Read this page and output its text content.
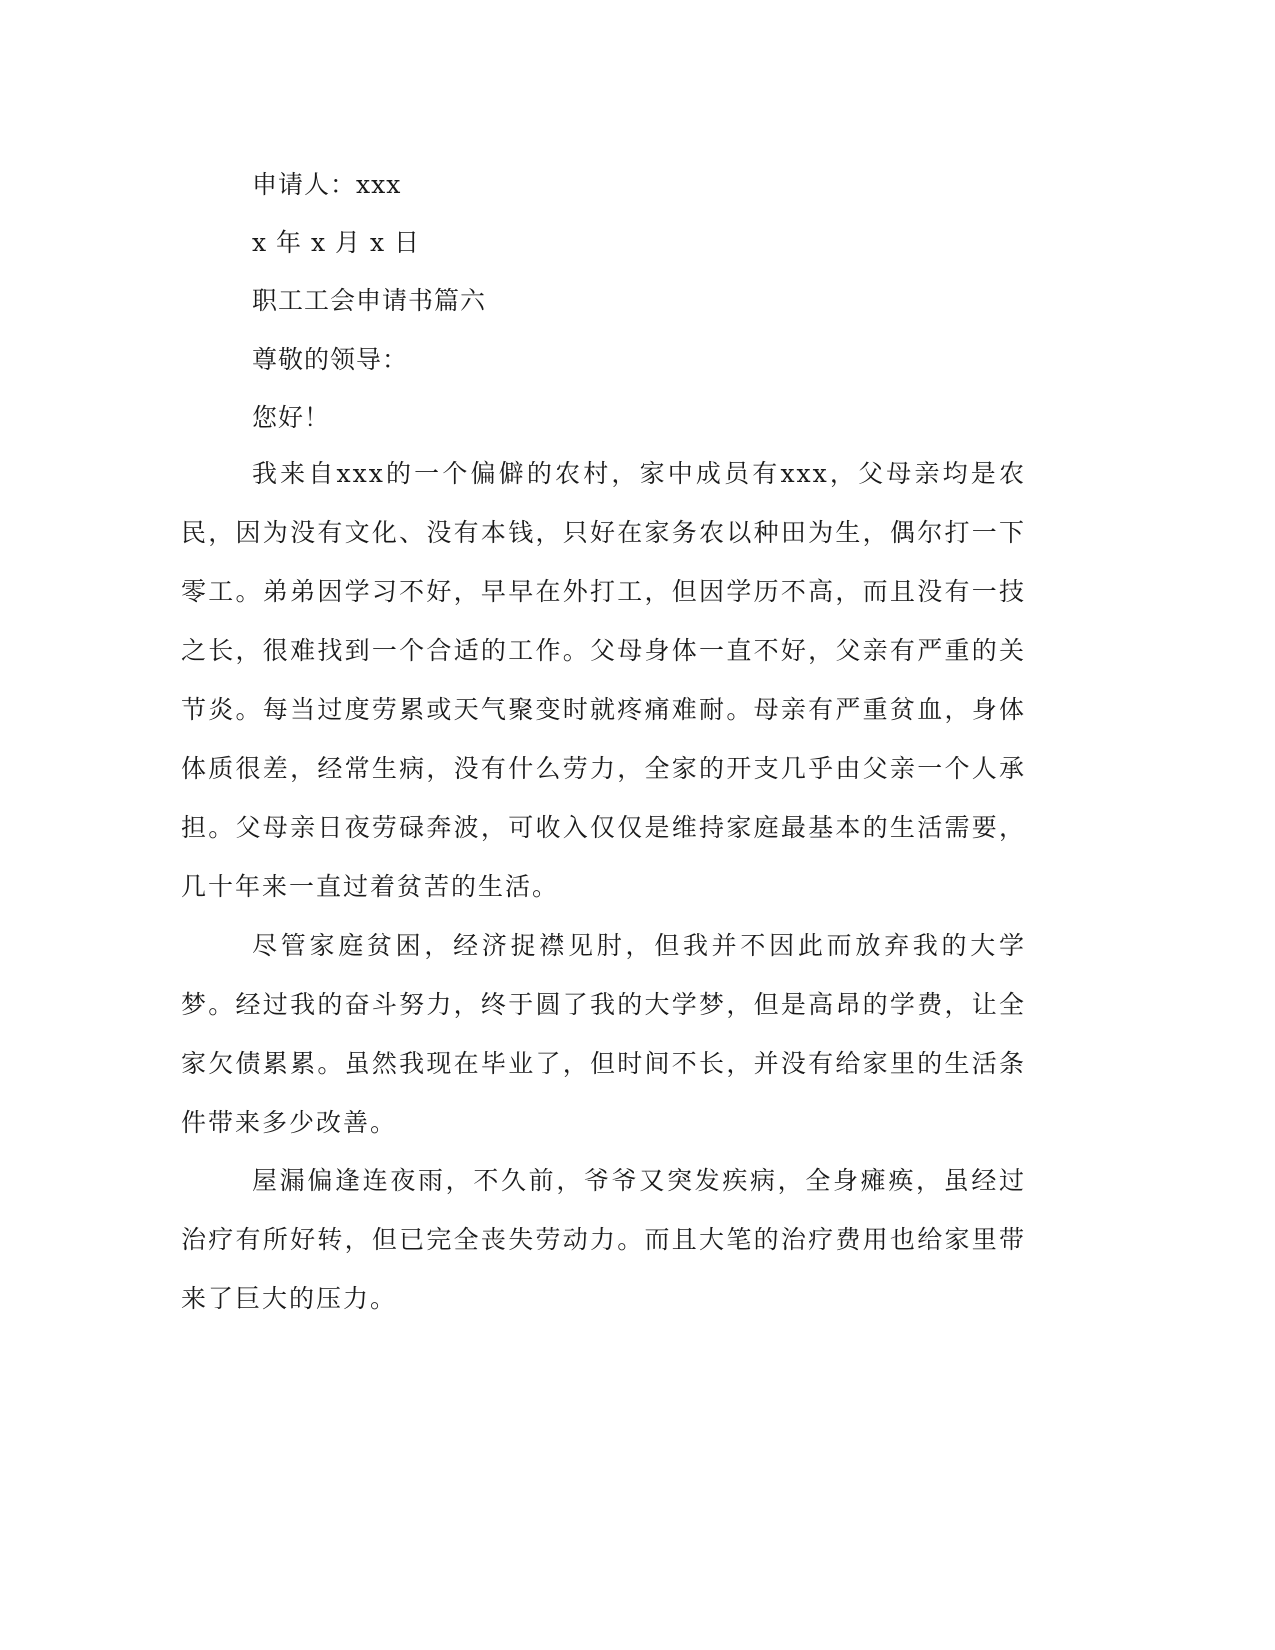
申请人：xxx
x 年 x 月 x 日
职工工会申请书篇六
尊敬的领导：
您好！

我来自xxx的一个偏僻的农村，家中成员有xxx，父母亲均是农民，因为没有文化、没有本钱，只好在家务农以种田为生，偶尔打一下零工。弟弟因学习不好，早早在外打工，但因学历不高，而且没有一技之长，很难找到一个合适的工作。父母身体一直不好，父亲有严重的关节炎。每当过度劳累或天气聚变时就疼痛难耐。母亲有严重贫血，身体体质很差，经常生病，没有什么劳力，全家的开支几乎由父亲一个人承担。父母亲日夜劳碌奔波，可收入仅仅是维持家庭最基本的生活需要，几十年来一直过着贫苦的生活。

尽管家庭贫困，经济捉襟见肘，但我并不因此而放弃我的大学梦。经过我的奋斗努力，终于圆了我的大学梦，但是高昂的学费，让全家欠债累累。虽然我现在毕业了，但时间不长，并没有给家里的生活条件带来多少改善。

屋漏偏逢连夜雨，不久前，爷爷又突发疾病，全身瘫痪，虽经过治疗有所好转，但已完全丧失劳动力。而且大笔的治疗费用也给家里带来了巨大的压力。
